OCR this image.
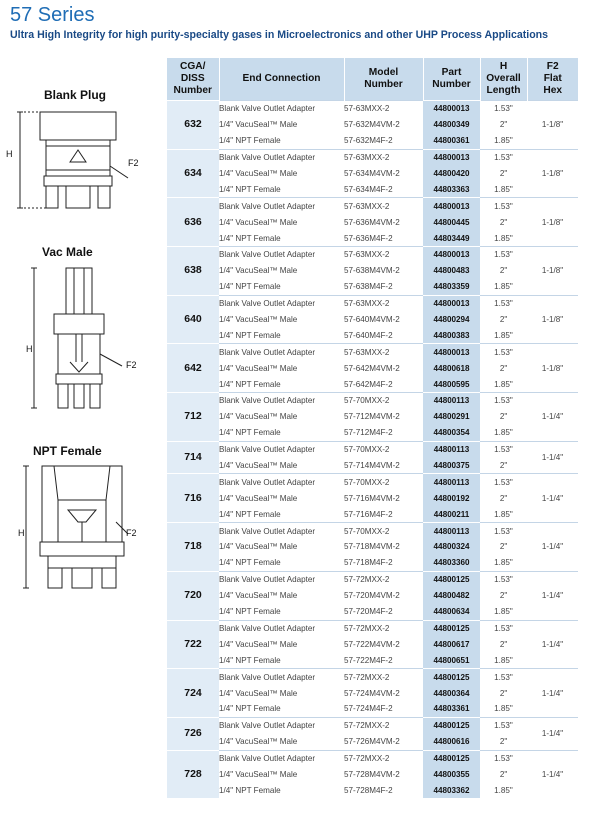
57 Series
Ultra High Integrity for high purity-specialty gases in Microelectronics and other UHP Process Applications
Blank Plug
H
F2
Vac Male
H
F2
NPT Female
H	F2
CGA/
DISS
Number	End Connection	Model
Number	Part
Number	H
Overall
Length	F2
Flat
Hex
632	Blank Valve Outlet Adapter	57-63MXX-2	44800013	1.53"	1-1/8"
	1/4" VacuSeal™ Male	57-632M4VM-2	44800349	2"	
	1/4" NPT Female	57-632M4F-2	44800361	1.85"	
634	Blank Valve Outlet Adapter	57-63MXX-2	44800013	1.53"	1-1/8"
	1/4" VacuSeal™ Male	57-634M4VM-2	44800420	2"	
	1/4" NPT Female	57-634M4F-2	44803363	1.85"	
636	Blank Valve Outlet Adapter	57-63MXX-2	44800013	1.53"	1-1/8"
	1/4" VacuSeal™ Male	57-636M4VM-2	44800445	2"	
	1/4" NPT Female	57-636M4F-2	44803449	1.85"	
638	Blank Valve Outlet Adapter	57-63MXX-2	44800013	1.53"	1-1/8"
	1/4" VacuSeal™ Male	57-638M4VM-2	44800483	2"	
	1/4" NPT Female	57-638M4F-2	44803359	1.85"	
640	Blank Valve Outlet Adapter	57-63MXX-2	44800013	1.53"	1-1/8"
	1/4" VacuSeal™ Male	57-640M4VM-2	44800294	2"	
	1/4" NPT Female	57-640M4F-2	44800383	1.85"	
642	Blank Valve Outlet Adapter	57-63MXX-2	44800013	1.53"	1-1/8"
	1/4" VacuSeal™ Male	57-642M4VM-2	44800618	2"	
	1/4" NPT Female	57-642M4F-2	44800595	1.85"	
712	Blank Valve Outlet Adapter	57-70MXX-2	44800113	1.53"	1-1/4"
	1/4" VacuSeal™ Male	57-712M4VM-2	44800291	2"	
	1/4" NPT Female	57-712M4F-2	44800354	1.85"	
714	Blank Valve Outlet Adapter	57-70MXX-2	44800113	1.53"	1-1/4"
	1/4" VacuSeal™ Male	57-714M4VM-2	44800375	2"	
716	Blank Valve Outlet Adapter	57-70MXX-2	44800113	1.53"	1-1/4"
	1/4" VacuSeal™ Male	57-716M4VM-2	44800192	2"	
	1/4" NPT Female	57-716M4F-2	44800211	1.85"	
718	Blank Valve Outlet Adapter	57-70MXX-2	44800113	1.53"	1-1/4"
	1/4" VacuSeal™ Male	57-718M4VM-2	44800324	2"	
	1/4" NPT Female	57-718M4F-2	44803360	1.85"	
720	Blank Valve Outlet Adapter	57-72MXX-2	44800125	1.53"	1-1/4"
	1/4" VacuSeal™ Male	57-720M4VM-2	44800482	2"	
	1/4" NPT Female	57-720M4F-2	44800634	1.85"	
722	Blank Valve Outlet Adapter	57-72MXX-2	44800125	1.53"	1-1/4"
	1/4" VacuSeal™ Male	57-722M4VM-2	44800617	2"	
	1/4" NPT Female	57-722M4F-2	44800651	1.85"	
724	Blank Valve Outlet Adapter	57-72MXX-2	44800125	1.53"	1-1/4"
	1/4" VacuSeal™ Male	57-724M4VM-2	44800364	2"	
	1/4" NPT Female	57-724M4F-2	44803361	1.85"	
726	Blank Valve Outlet Adapter	57-72MXX-2	44800125	1.53"	1-1/4"
	1/4" VacuSeal™ Male	57-726M4VM-2	44800616	2"	
728	Blank Valve Outlet Adapter	57-72MXX-2	44800125	1.53"	1-1/4"
	1/4" VacuSeal™ Male	57-728M4VM-2	44800355	2"	
	1/4" NPT Female	57-728M4F-2	44803362	1.85"	
